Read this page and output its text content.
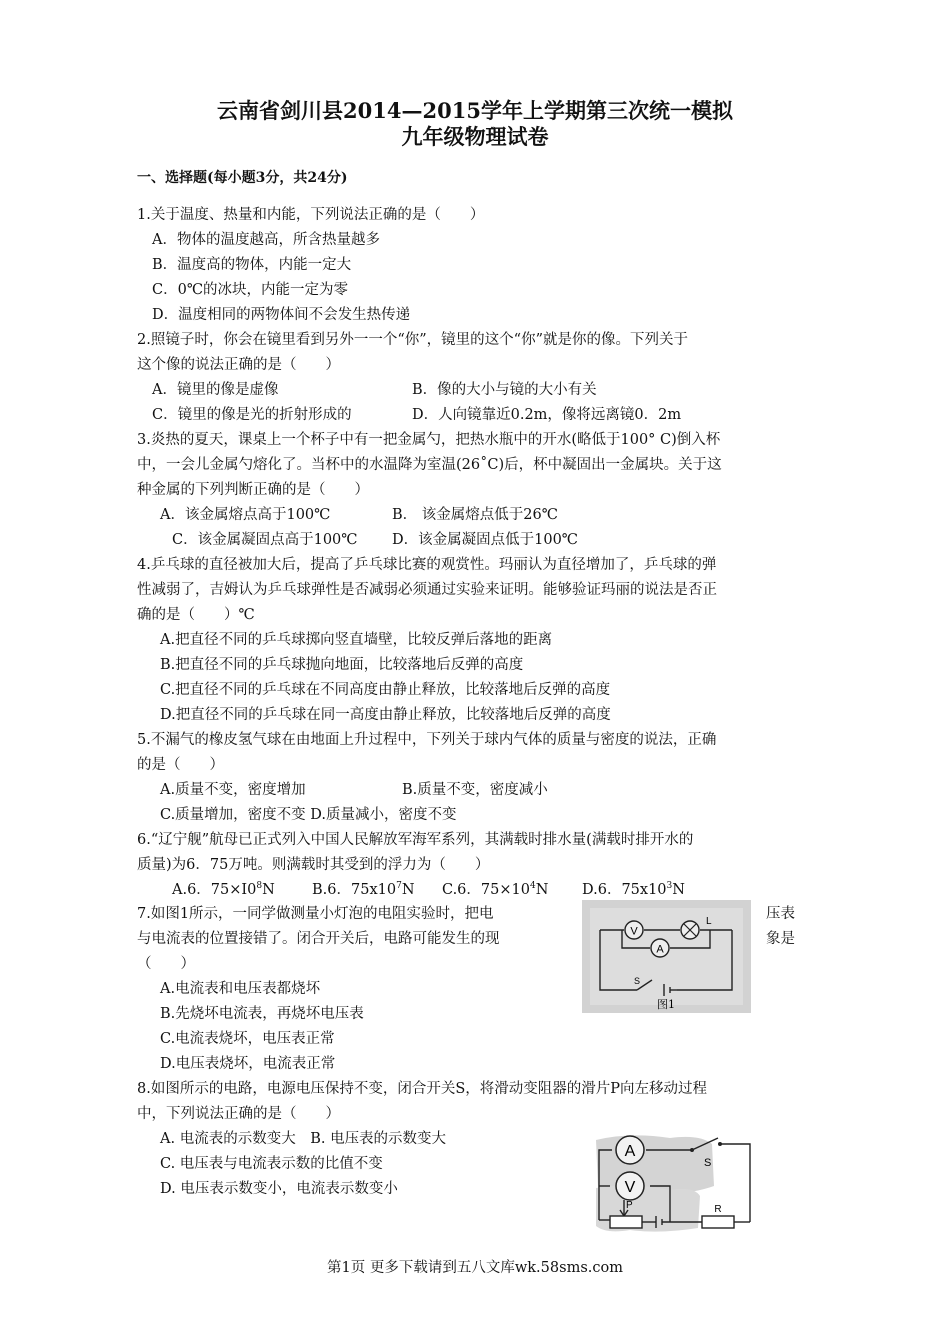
云南省剑川县2014—2015学年上学期第三次统一模拟
九年级物理试卷
一、选择题(每小题3分，共24分)
1.关于温度、热量和内能，下列说法正确的是（　　）
A．物体的温度越高，所含热量越多
B．温度高的物体，内能一定大
C．0℃的冰块，内能一定为零
D．温度相同的两物体间不会发生热传递
2.照镜子时，你会在镜里看到另外一一个“你”，镜里的这个“你”就是你的像。下列关于
这个像的说法正确的是（　　）
A．镜里的像是虚像	B．像的大小与镜的大小有关
C．镜里的像是光的折射形成的	D．人向镜靠近0.2m，像将远离镜0．2m
3.炎热的夏天，课桌上一个杯子中有一把金属勺，把热水瓶中的开水(略低于100° C)倒入杯
中，一会儿金属勺熔化了。当杯中的水温降为室温(26˚C)后，杯中凝固出一金属块。关于这
种金属的下列判断正确的是（　　）
A．该金属熔点高于100℃	B． 该金属熔点低于26℃
C．该金属凝固点高于100℃ D．该金属凝固点低于100℃
4.乒乓球的直径被加大后，提高了乒乓球比赛的观赏性。玛丽认为直径增加了，乒乓球的弹
性减弱了，吉姆认为乒乓球弹性是否减弱必须通过实验来证明。能够验证玛丽的说法是否正
确的是（　　）℃
A.把直径不同的乒乓球掷向竖直墙壁，比较反弹后落地的距离
B.把直径不同的乒乓球抛向地面，比较落地后反弹的高度
C.把直径不同的乒乓球在不同高度由静止释放，比较落地后反弹的高度
D.把直径不同的乒乓球在同一高度由静止释放，比较落地后反弹的高度
5.不漏气的橡皮氢气球在由地面上升过程中，下列关于球内气体的质量与密度的说法，正确
的是（　　）
A.质量不变，密度增加	B.质量不变，密度减小
C.质量增加，密度不变 D.质量减小，密度不变
6.“辽宁舰”航母已正式列入中国人民解放军海军系列，其满载时排水量(满载时排开水的
质量)为6．75万吨。则满载时其受到的浮力为（　　）
A.6．$75\times I0^8N$	B.6．$75x10^7N$ C.6．$75\times 10^4N$ D.6．$75x10^3N$
7.如图1所示，一同学做测量小灯泡的电阻实验时，把电	压表
与电流表的位置接错了。闭合开关后，电路可能发生的现	象是
（　　）
A.电流表和电压表都烧坏
B.先烧坏电流表，再烧坏电压表
C.电流表烧坏，电压表正常
D.电压表烧坏，电流表正常
V
L
A
S
图1
8.如图所示的电路，电源电压保持不变，闭合开关S，将滑动变阻器的滑片P向左移动过程
中，下列说法正确的是（　　）
A. 电流表的示数变大　B. 电压表的示数变大
C. 电压表与电流表示数的比值不变
D. 电压表示数变小，电流表示数变小
A
V
P	R
S
第1页 更多下载请到五八文库wk.58sms.com
